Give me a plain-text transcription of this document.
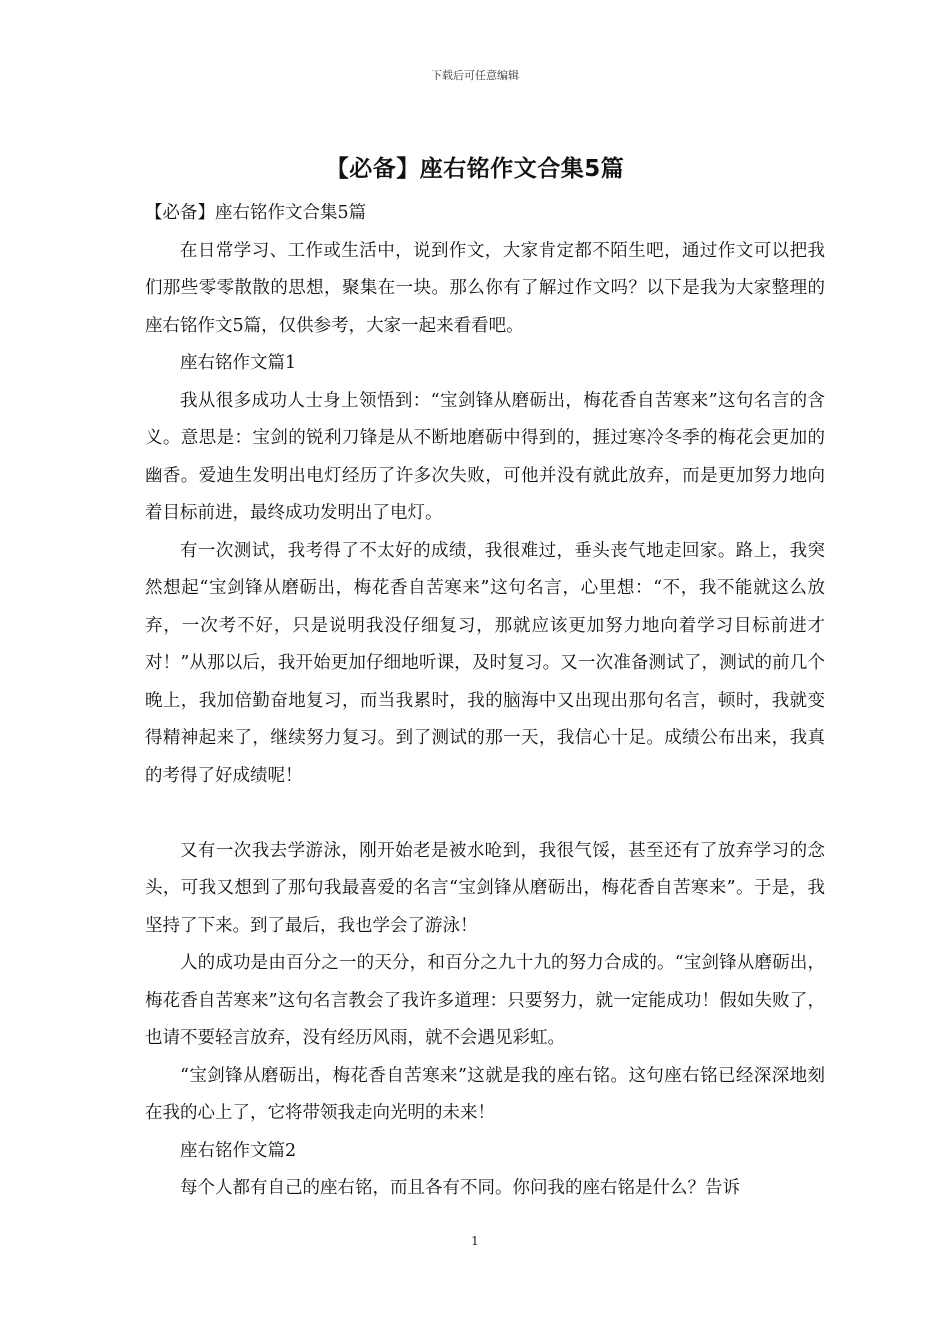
下载后可任意编辑
【必备】座右铭作文合集5篇

【必备】座右铭作文合集5篇

在日常学习、工作或生活中，说到作文，大家肯定都不陌生吧，通过作文可以把我们那些零零散散的思想，聚集在一块。那么你有了解过作文吗？以下是我为大家整理的座右铭作文5篇，仅供参考，大家一起来看看吧。

座右铭作文篇1

我从很多成功人士身上领悟到：“宝剑锋从磨砺出，梅花香自苦寒来”这句名言的含义。意思是：宝剑的锐利刀锋是从不断地磨砺中得到的，捱过寒冷冬季的梅花会更加的幽香。爱迪生发明出电灯经历了许多次失败，可他并没有就此放弃，而是更加努力地向着目标前进，最终成功发明出了电灯。

有一次测试，我考得了不太好的成绩，我很难过，垂头丧气地走回家。路上，我突然想起“宝剑锋从磨砺出，梅花香自苦寒来”这句名言，心里想：“不，我不能就这么放弃，一次考不好，只是说明我没仔细复习，那就应该更加努力地向着学习目标前进才对！”从那以后，我开始更加仔细地听课，及时复习。又一次准备测试了，测试的前几个晚上，我加倍勤奋地复习，而当我累时，我的脑海中又出现出那句名言，顿时，我就变得精神起来了，继续努力复习。到了测试的那一天，我信心十足。成绩公布出来，我真的考得了好成绩呢！

又有一次我去学游泳，刚开始老是被水呛到，我很气馁，甚至还有了放弃学习的念头，可我又想到了那句我最喜爱的名言“宝剑锋从磨砺出，梅花香自苦寒来”。于是，我坚持了下来。到了最后，我也学会了游泳！

人的成功是由百分之一的天分，和百分之九十九的努力合成的。“宝剑锋从磨砺出，梅花香自苦寒来”这句名言教会了我许多道理：只要努力，就一定能成功！假如失败了，也请不要轻言放弃，没有经历风雨，就不会遇见彩虹。

“宝剑锋从磨砺出，梅花香自苦寒来”这就是我的座右铭。这句座右铭已经深深地刻在我的心上了，它将带领我走向光明的未来！

座右铭作文篇2

每个人都有自己的座右铭，而且各有不同。你问我的座右铭是什么？告诉

1
